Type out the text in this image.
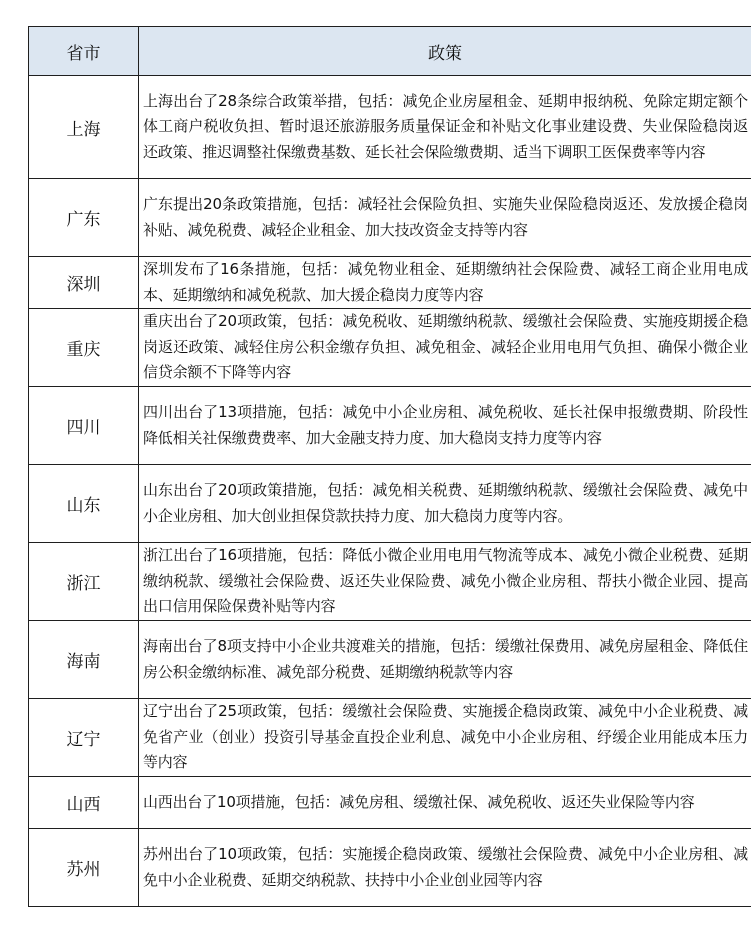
省市	政策
上海	上海出台了28条综合政策举措，包括：减免企业房屋租金、延期申报纳税、免除定期定额个体工商户税收负担、暂时退还旅游服务质量保证金和补贴文化事业建设费、失业保险稳岗返还政策、推迟调整社保缴费基数、延长社会保险缴费期、适当下调职工医保费率等内容
广东	广东提出20条政策措施，包括：减轻社会保险负担、实施失业保险稳岗返还、发放援企稳岗补贴、减免税费、减轻企业租金、加大技改资金支持等内容
深圳	深圳发布了16条措施，包括：减免物业租金、延期缴纳社会保险费、减轻工商企业用电成本、延期缴纳和减免税款、加大援企稳岗力度等内容
重庆	重庆出台了20项政策，包括：减免税收、延期缴纳税款、缓缴社会保险费、实施疫期援企稳岗返还政策、减轻住房公积金缴存负担、减免租金、减轻企业用电用气负担、确保小微企业信贷余额不下降等内容
四川	四川出台了13项措施，包括：减免中小企业房租、减免税收、延长社保申报缴费期、阶段性降低相关社保缴费费率、加大金融支持力度、加大稳岗支持力度等内容
山东	山东出台了20项政策措施，包括：减免相关税费、延期缴纳税款、缓缴社会保险费、减免中小企业房租、加大创业担保贷款扶持力度、加大稳岗力度等内容。
浙江	浙江出台了16项措施，包括：降低小微企业用电用气物流等成本、减免小微企业税费、延期缴纳税款、缓缴社会保险费、返还失业保险费、减免小微企业房租、帮扶小微企业园、提高出口信用保险保费补贴等内容
海南	海南出台了8项支持中小企业共渡难关的措施，包括：缓缴社保费用、减免房屋租金、降低住房公积金缴纳标准、减免部分税费、延期缴纳税款等内容
辽宁	辽宁出台了25项政策，包括：缓缴社会保险费、实施援企稳岗政策、减免中小企业税费、减免省产业（创业）投资引导基金直投企业利息、减免中小企业房租、纾缓企业用能成本压力等内容
山西	山西出台了10项措施，包括：减免房租、缓缴社保、减免税收、返还失业保险等内容
苏州	苏州出台了10项政策，包括：实施援企稳岗政策、缓缴社会保险费、减免中小企业房租、减免中小企业税费、延期交纳税款、扶持中小企业创业园等内容
